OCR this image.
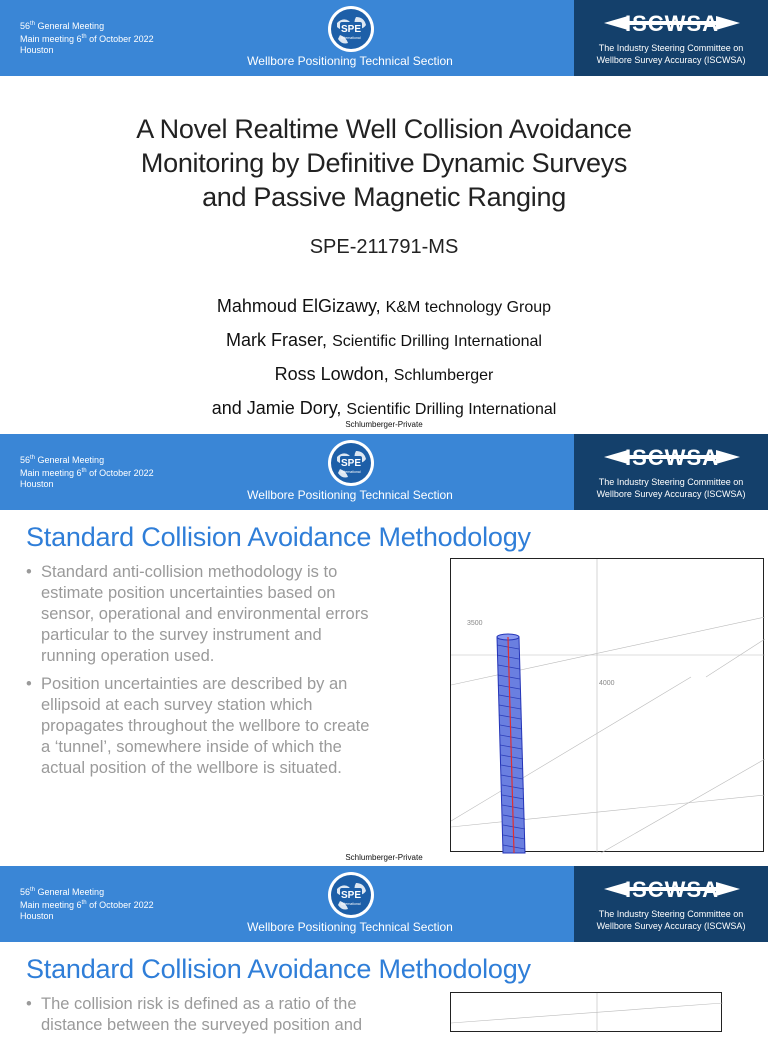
56th General Meeting
Main meeting 6th of October 2022
Houston
SPE
International
Wellbore Positioning Technical Section
ISCWSA
The Industry Steering Committee on
Wellbore Survey Accuracy (ISCWSA)
A Novel Realtime Well Collision Avoidance
Monitoring by Definitive Dynamic Surveys
and Passive Magnetic Ranging
SPE-211791-MS
Mahmoud ElGizawy, K&M technology Group
Mark Fraser, Scientific Drilling International
Ross Lowdon, Schlumberger
and Jamie Dory, Scientific Drilling International
Schlumberger-Private
56th General Meeting
Main meeting 6th of October 2022
Houston
SPE
International
Wellbore Positioning Technical Section
ISCWSA
The Industry Steering Committee on
Wellbore Survey Accuracy (ISCWSA)
Standard Collision Avoidance Methodology
• Standard anti-collision methodology is to estimate position uncertainties based on sensor, operational and environmental errors particular to the survey instrument and running operation used.
• Position uncertainties are described by an ellipsoid at each survey station which propagates throughout the wellbore to create a ‘tunnel’, somewhere inside of which the actual position of the wellbore is situated.
3500
4000
Schlumberger-Private
56th General Meeting
Main meeting 6th of October 2022
Houston
SPE
International
Wellbore Positioning Technical Section
ISCWSA
The Industry Steering Committee on
Wellbore Survey Accuracy (ISCWSA)
Standard Collision Avoidance Methodology
• The collision risk is defined as a ratio of the distance between the surveyed position and
